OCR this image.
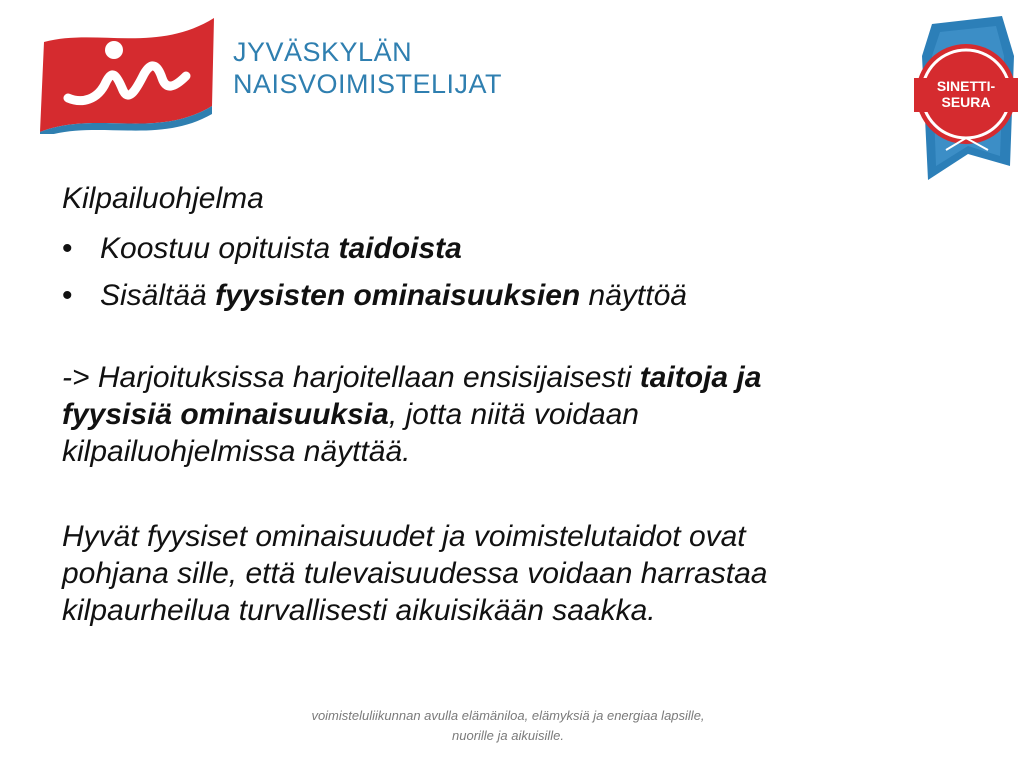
JYVÄSKYLÄN
NAISVOIMISTELIJAT	SINETTI-
SEURA
Kilpailuohjelma
• Koostuu opituista taidoista
• Sisältää fyysisten ominaisuuksien näyttöä
-> Harjoituksissa harjoitellaan ensisijaisesti taitoja ja
fyysisiä ominaisuuksia, jotta niitä voidaan
kilpailuohjelmissa näyttää.
Hyvät fyysiset ominaisuudet ja voimistelutaidot ovat
pohjana sille, että tulevaisuudessa voidaan harrastaa
kilpaurheilua turvallisesti aikuisikään saakka.
voimisteluliikunnan avulla elämäniloa, elämyksiä ja energiaa lapsille,
nuorille ja aikuisille.
